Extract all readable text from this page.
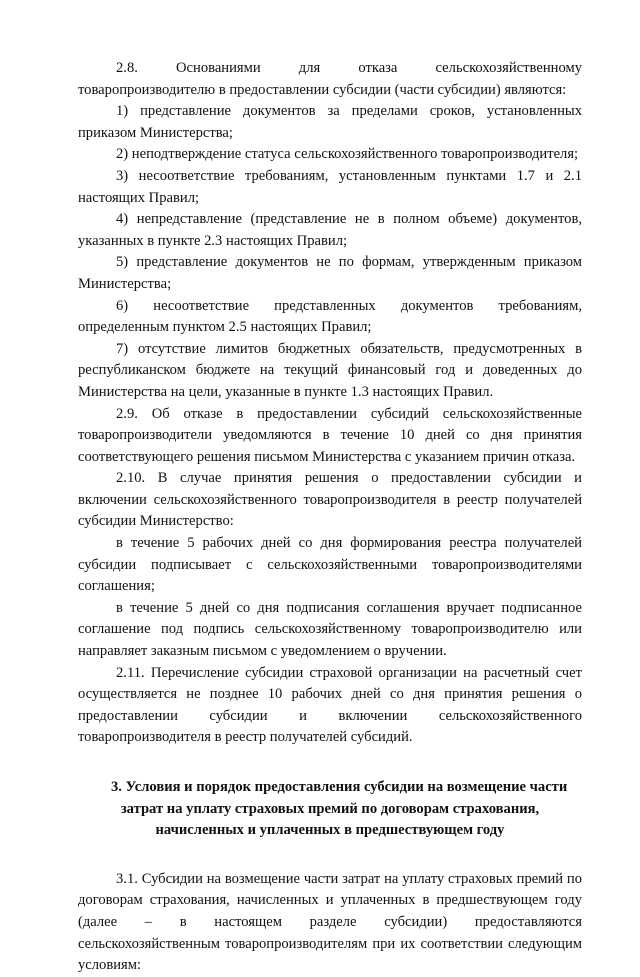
2.8. Основаниями для отказа сельскохозяйственному товаропроизводителю в предоставлении субсидии (части субсидии) являются:

1) представление документов за пределами сроков, установленных приказом Министерства;

2) неподтверждение статуса сельскохозяйственного товаропроизводителя;

3) несоответствие требованиям, установленным пунктами 1.7 и 2.1 настоящих Правил;

4) непредставление (представление не в полном объеме) документов, указанных в пункте 2.3 настоящих Правил;

5) представление документов не по формам, утвержденным приказом Министерства;

6) несоответствие представленных документов требованиям, определенным пунктом 2.5 настоящих Правил;

7) отсутствие лимитов бюджетных обязательств, предусмотренных в республиканском бюджете на текущий финансовый год и доведенных до Министерства на цели, указанные в пункте 1.3 настоящих Правил.

2.9. Об отказе в предоставлении субсидий сельскохозяйственные товаропроизводители уведомляются в течение 10 дней со дня принятия соответствующего решения письмом Министерства с указанием причин отказа.

2.10. В случае принятия решения о предоставлении субсидии и включении сельскохозяйственного товаропроизводителя в реестр получателей субсидии Министерство:

в течение 5 рабочих дней со дня формирования реестра получателей субсидии подписывает с сельскохозяйственными товаропроизводителями соглашения;

в течение 5 дней со дня подписания соглашения вручает подписанное соглашение под подпись сельскохозяйственному товаропроизводителю или направляет заказным письмом с уведомлением о вручении.

2.11. Перечисление субсидии страховой организации на расчетный счет осуществляется не позднее 10 рабочих дней со дня принятия решения о предоставлении субсидии и включении сельскохозяйственного товаропроизводителя в реестр получателей субсидий.

3. Условия и порядок предоставления субсидии на возмещение части
затрат на уплату страховых премий по договорам страхования,
начисленных и уплаченных в предшествующем году

3.1. Субсидии на возмещение части затрат на уплату страховых премий по договорам страхования, начисленных и уплаченных в предшествующем году (далее – в настоящем разделе субсидии) предоставляются сельскохозяйственным товаропроизводителям при их соответствии следующим условиям:
